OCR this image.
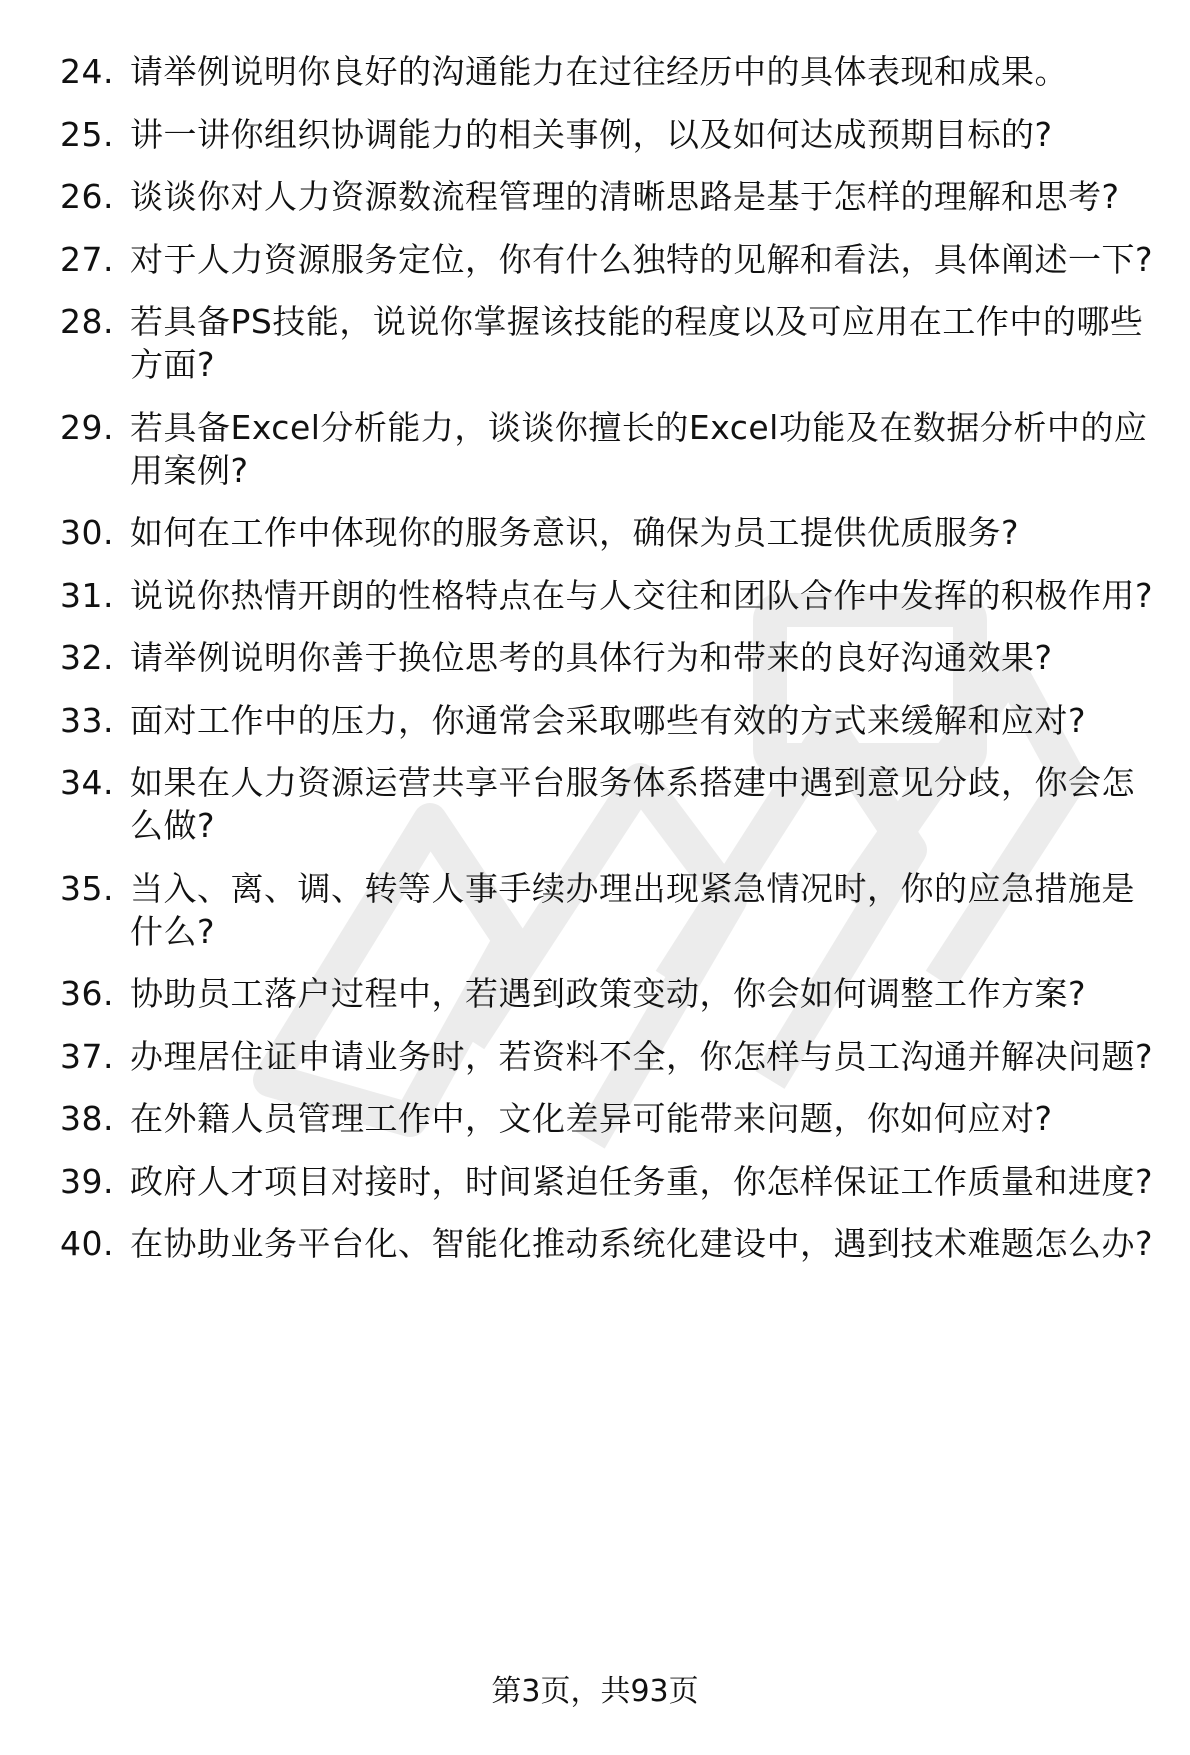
24. 请举例说明你良好的沟通能力在过往经历中的具体表现和成果。
25. 讲一讲你组织协调能力的相关事例，以及如何达成预期目标的?
26. 谈谈你对人力资源数流程管理的清晰思路是基于怎样的理解和思考?
27. 对于人力资源服务定位，你有什么独特的见解和看法，具体阐述一下?
28. 若具备PS技能，说说你掌握该技能的程度以及可应用在工作中的哪些方面?
29. 若具备Excel分析能力，谈谈你擅长的Excel功能及在数据分析中的应用案例?
30. 如何在工作中体现你的服务意识，确保为员工提供优质服务?
31. 说说你热情开朗的性格特点在与人交往和团队合作中发挥的积极作用?
32. 请举例说明你善于换位思考的具体行为和带来的良好沟通效果?
33. 面对工作中的压力，你通常会采取哪些有效的方式来缓解和应对?
34. 如果在人力资源运营共享平台服务体系搭建中遇到意见分歧，你会怎么做?
35. 当入、离、调、转等人事手续办理出现紧急情况时，你的应急措施是什么?
36. 协助员工落户过程中，若遇到政策变动，你会如何调整工作方案?
37. 办理居住证申请业务时，若资料不全，你怎样与员工沟通并解决问题?
38. 在外籍人员管理工作中，文化差异可能带来问题，你如何应对?
39. 政府人才项目对接时，时间紧迫任务重，你怎样保证工作质量和进度?
40. 在协助业务平台化、智能化推动系统化建设中，遇到技术难题怎么办?
第3页，共93页
